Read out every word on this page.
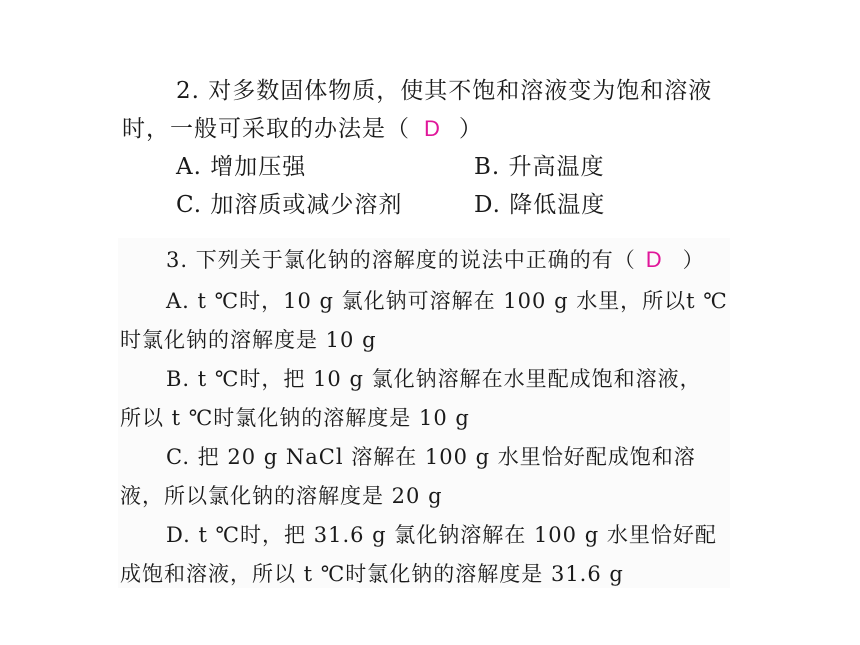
2. 对多数固体物质，使其不饱和溶液变为饱和溶液
时，一般可采取的办法是（ D ）
A. 增加压强	B. 升高温度
C. 加溶质或减少溶剂	D. 降低温度
3. 下列关于氯化钠的溶解度的说法中正确的有（ D ）
A. t ℃时，10 g 氯化钠可溶解在 100 g 水里，所以t ℃
时氯化钠的溶解度是 10 g
B. t ℃时，把 10 g 氯化钠溶解在水里配成饱和溶液，
所以 t ℃时氯化钠的溶解度是 10 g
C. 把 20 g NaCl 溶解在 100 g 水里恰好配成饱和溶
液，所以氯化钠的溶解度是 20 g
D. t ℃时，把 31.6 g 氯化钠溶解在 100 g 水里恰好配
成饱和溶液，所以 t ℃时氯化钠的溶解度是 31.6 g
